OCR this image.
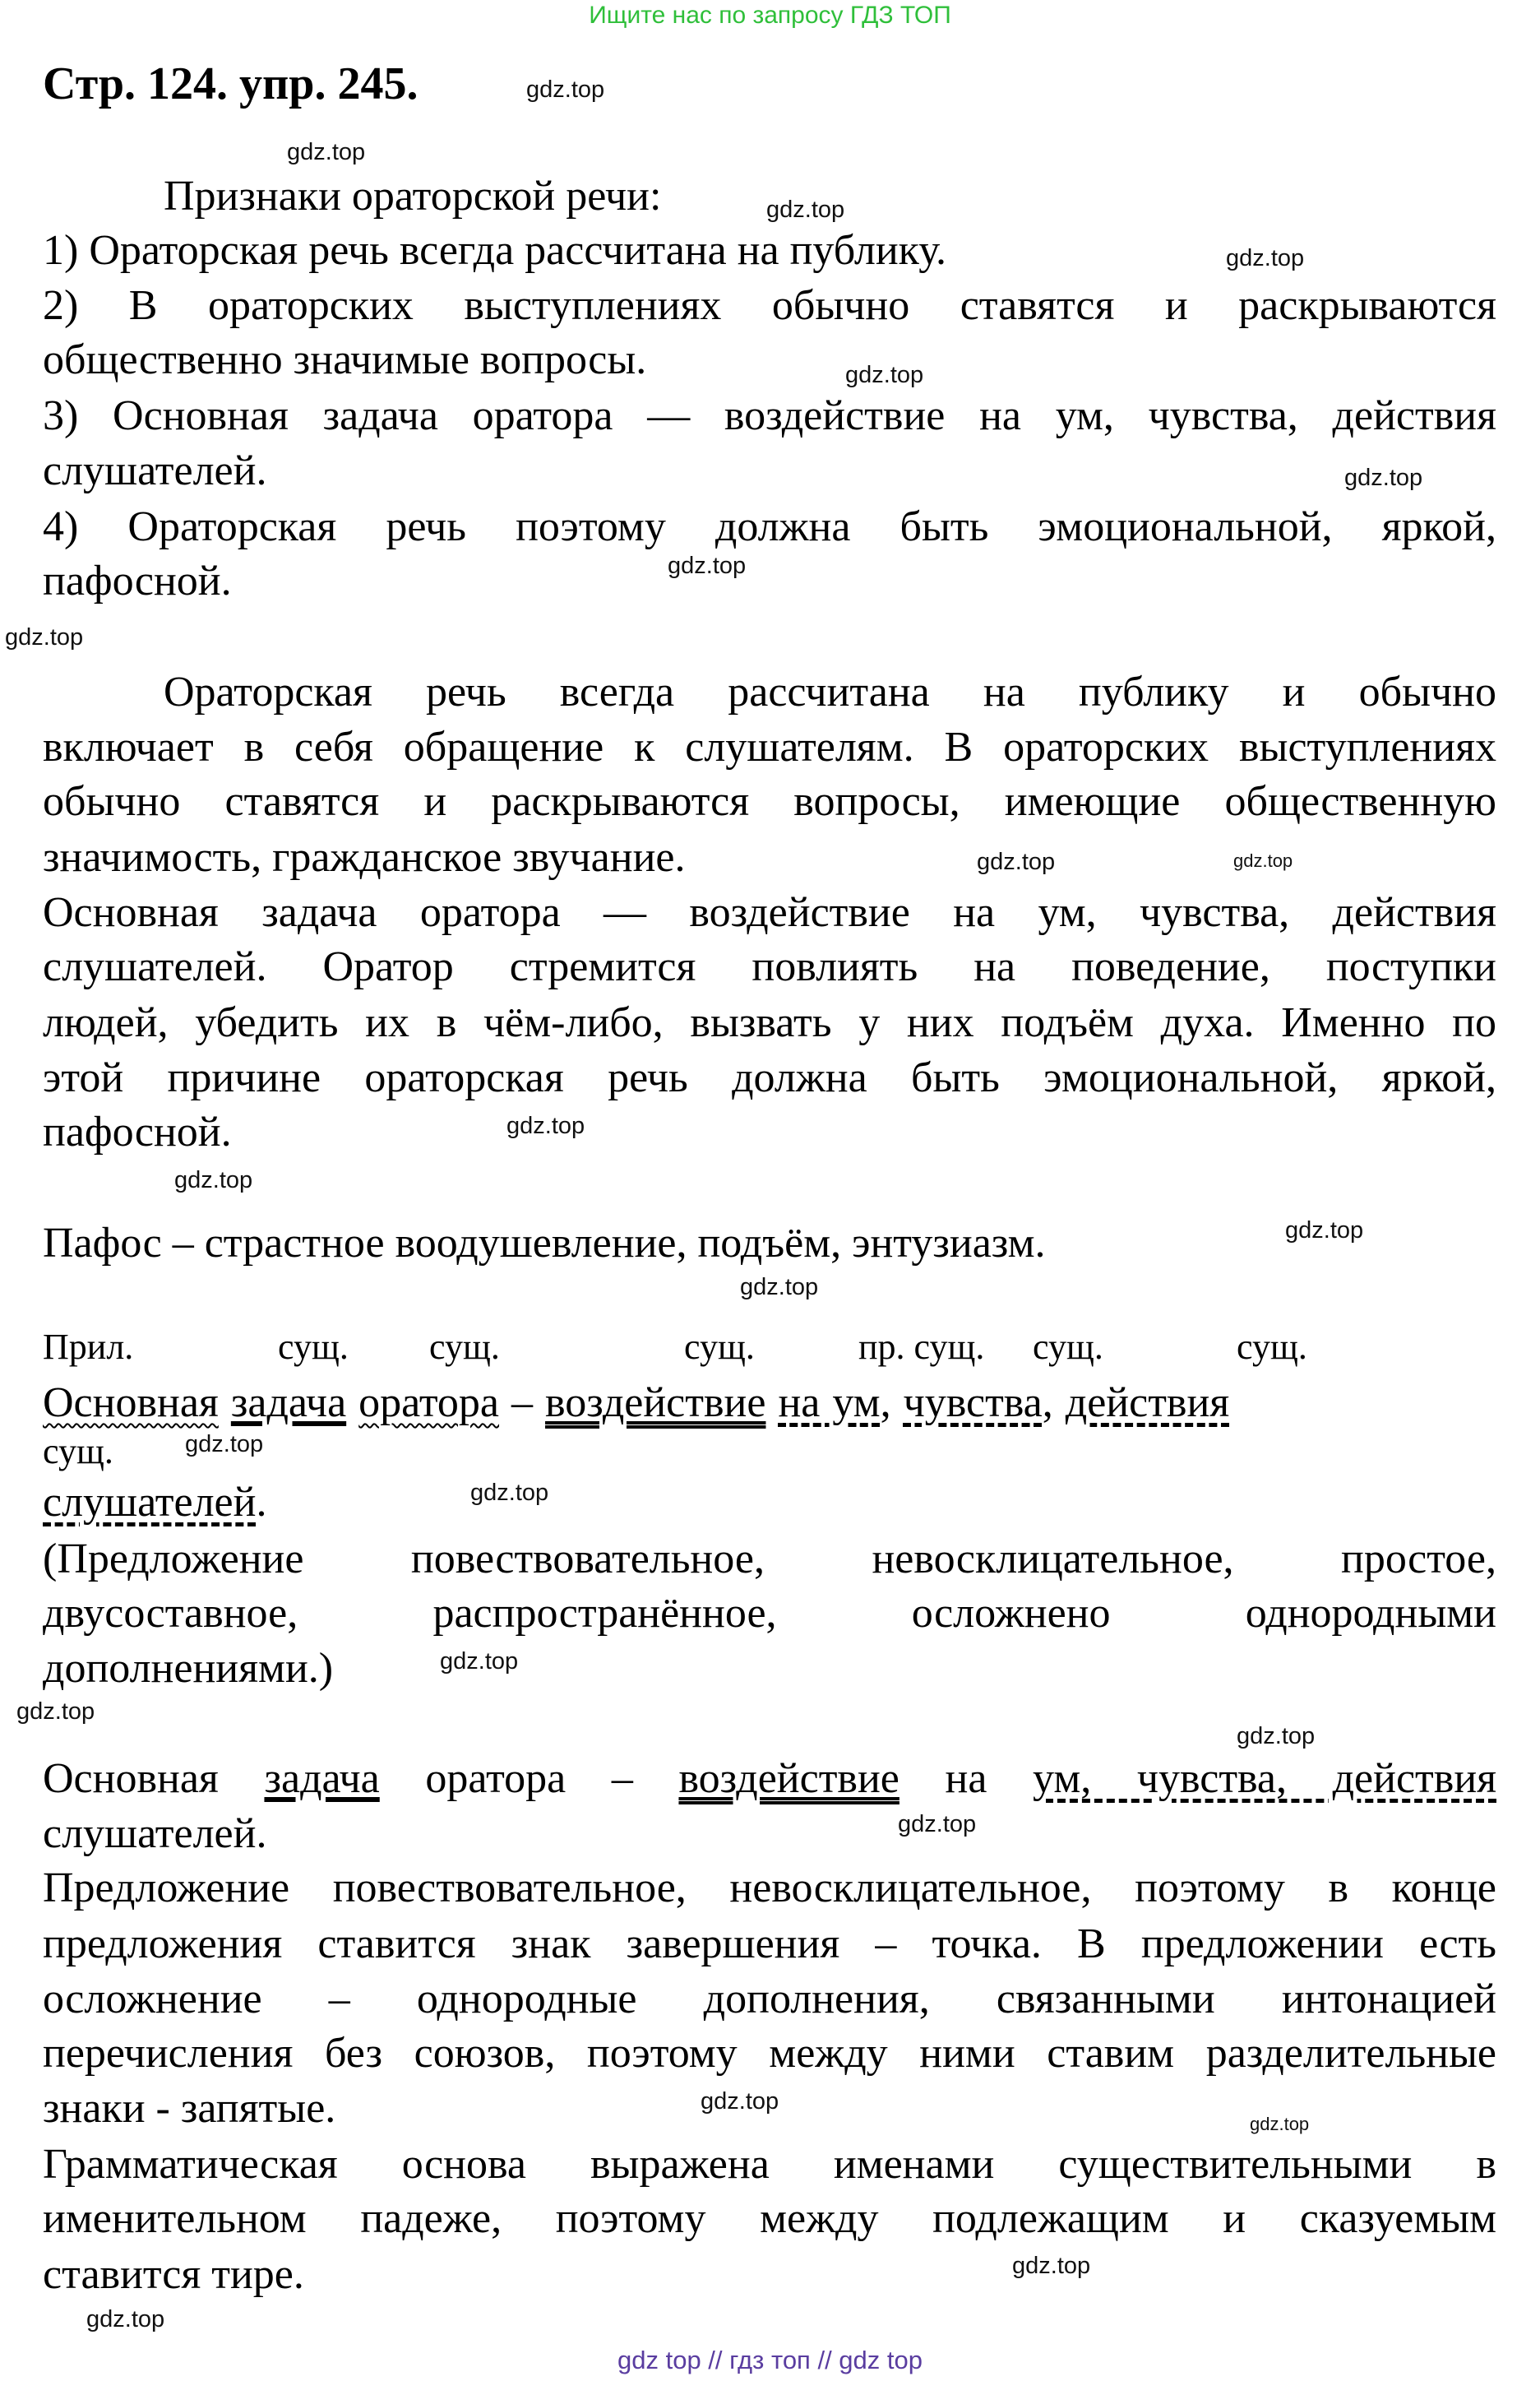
Ищите нас по запросу ГДЗ ТОП
Стр. 124. упр. 245.
Признаки ораторской речи:
1) Ораторская речь всегда рассчитана на публику.
2) В ораторских выступлениях обычно ставятся и раскрываются
общественно значимые вопросы.
3) Основная задача оратора — воздействие на ум, чувства, действия
слушателей.
4) Ораторская речь поэтому должна быть эмоциональной, яркой,
пафосной.
Ораторская речь всегда рассчитана на публику и обычно
включает в себя обращение к слушателям. В ораторских выступлениях
обычно ставятся и раскрываются вопросы, имеющие общественную
значимость, гражданское звучание.
Основная задача оратора — воздействие на ум, чувства, действия
слушателей. Оратор стремится повлиять на поведение, поступки
людей, убедить их в чём-либо, вызвать у них подъём духа. Именно по
этой причине ораторская речь должна быть эмоциональной, яркой,
пафосной.
Пафос – страстное воодушевление, подъём, энтузиазм.
Прил.	сущ. сущ.	сущ.	пр. сущ. сущ.	сущ.
Основная задача оратора – воздействие на ум, чувства, действия
сущ.
слушателей.
(Предложение повествовательное, невосклицательное, простое,
двусоставное, распространённое, осложнено однородными
дополнениями.)
Основная задача оратора – воздействие на ум, чувства, действия
слушателей.
Предложение повествовательное, невосклицательное, поэтому в конце
предложения ставится знак завершения – точка. В предложении есть
осложнение – однородные дополнения, связанными интонацией
перечисления без союзов, поэтому между ними ставим разделительные
знаки - запятые.
Грамматическая основа выражена именами существительными в
именительном падеже, поэтому между подлежащим и сказуемым
ставится тире.
gdz.top
gdz.top
gdz.top
gdz.top
gdz.top
gdz.top
gdz.top
gdz.top
gdz.top
gdz.top
gdz.top
gdz.top
gdz.top
gdz.top
gdz.top
gdz.top
gdz.top
gdz.top
gdz.top
gdz.top
gdz.top
gdz.top
gdz.top
gdz.top
gdz top // гдз топ // gdz top
